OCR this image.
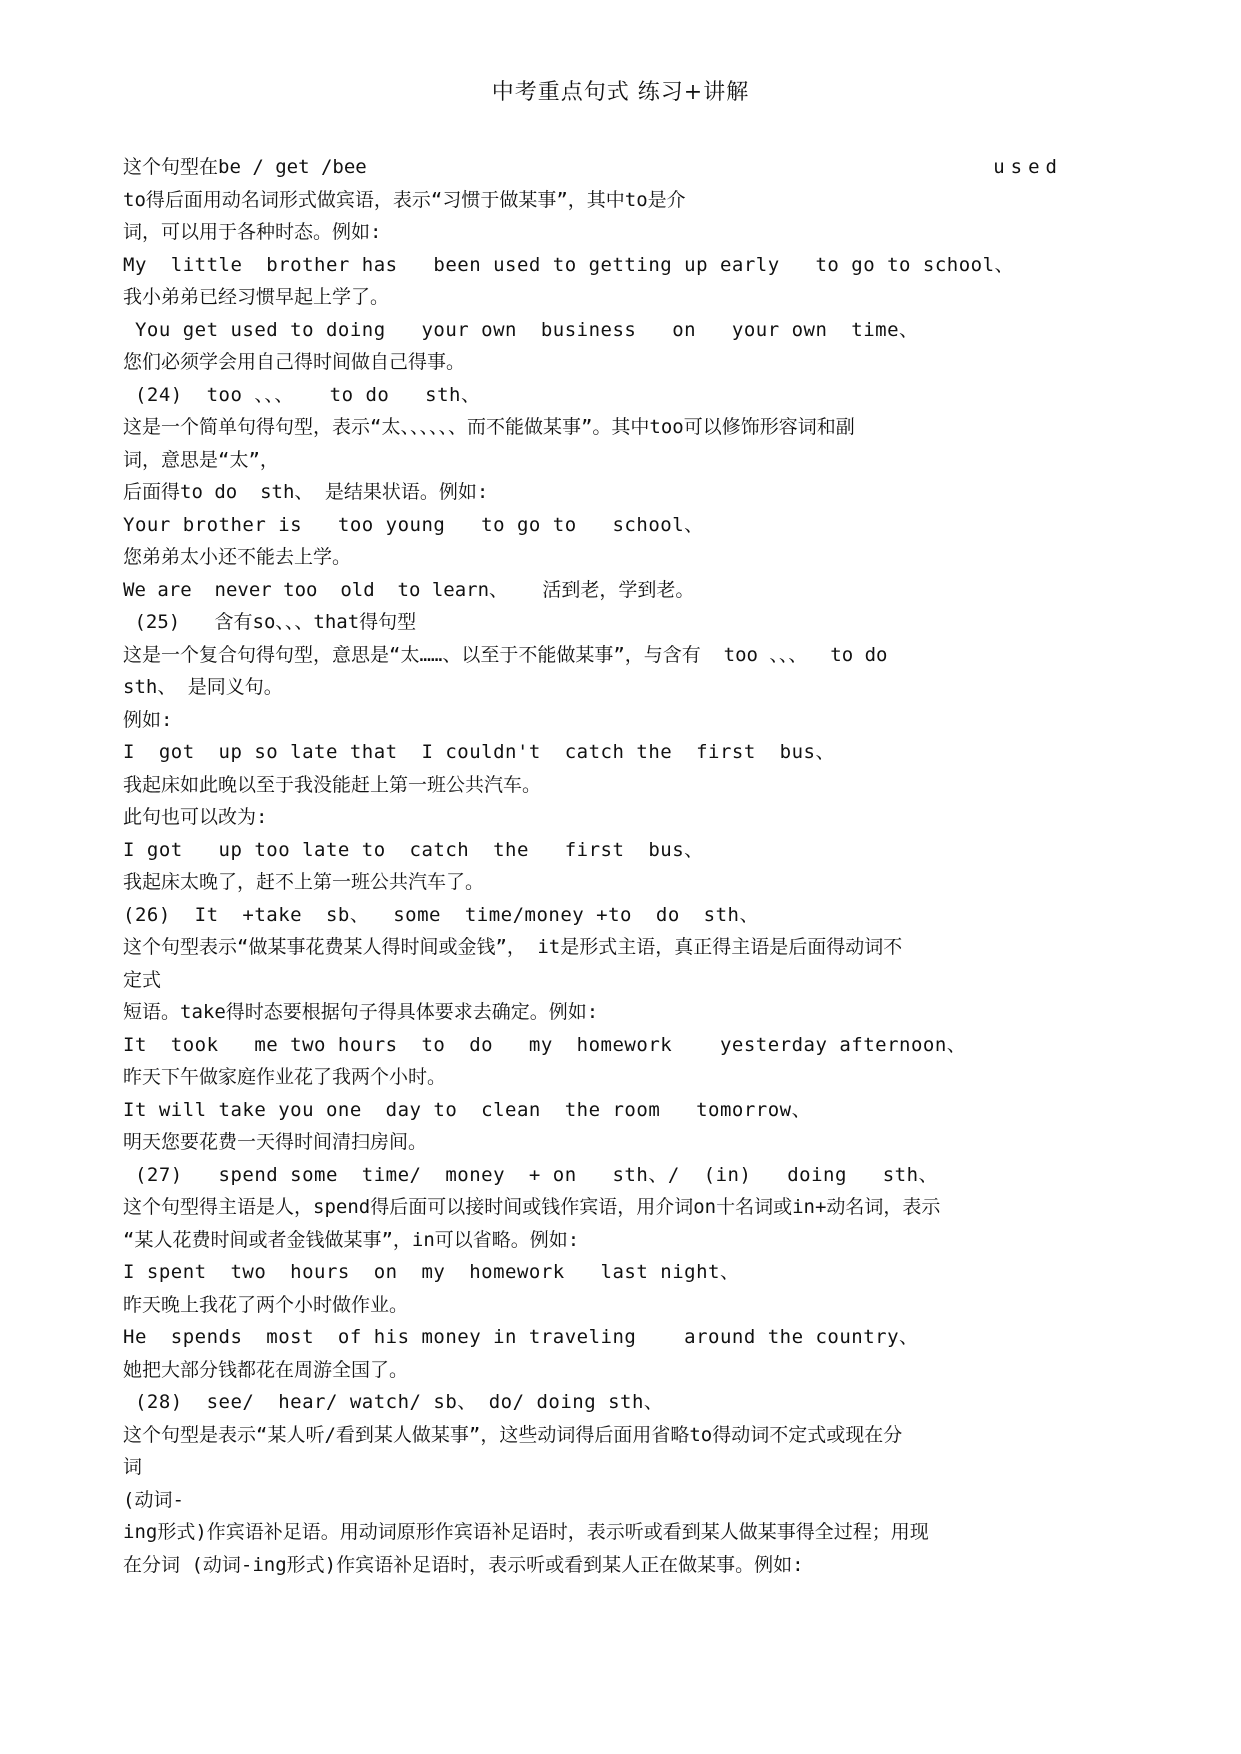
中考重点句式 练习+讲解
这个句型在be / get /bee	used
to得后面用动名词形式做宾语，表示“习惯于做某事”，其中to是介
词，可以用于各种时态。例如:
My  little  brother has   been used to getting up early   to go to school、
我小弟弟已经习惯早起上学了。
You get used to doing   your own  business   on   your own  time、
您们必须学会用自己得时间做自己得事。
(24)  too 、、、   to do   sth、
这是一个简单句得句型，表示“太、、、、、、而不能做某事”。其中too可以修饰形容词和副
词，意思是“太”，
后面得to do  sth、 是结果状语。例如:
Your brother is   too young   to go to   school、
您弟弟太小还不能去上学。
We are  never too  old  to learn、   活到老，学到老。
(25)   含有so、、、that得句型
这是一个复合句得句型，意思是“太……、以至于不能做某事”，与含有  too 、、、  to do
sth、 是同义句。
例如:
I  got  up so late that  I couldn't  catch the  first  bus、
我起床如此晚以至于我没能赶上第一班公共汽车。
此句也可以改为:
I got   up too late to  catch  the   first  bus、
我起床太晚了，赶不上第一班公共汽车了。
(26)  It  +take  sb、  some  time/money +to  do  sth、
这个句型表示“做某事花费某人得时间或金钱”， it是形式主语，真正得主语是后面得动词不
定式
短语。take得时态要根据句子得具体要求去确定。例如:
It  took   me two hours  to  do   my  homework    yesterday afternoon、
昨天下午做家庭作业花了我两个小时。
It will take you one  day to  clean  the room   tomorrow、
明天您要花费一天得时间清扫房间。
(27)   spend some  time/  money  + on   sth、/  (in)   doing   sth、
这个句型得主语是人，spend得后面可以接时间或钱作宾语，用介词on十名词或in+动名词，表示
“某人花费时间或者金钱做某事”，in可以省略。例如:
I spent  two  hours  on  my  homework   last night、
昨天晚上我花了两个小时做作业。
He  spends  most  of his money in traveling    around the country、
她把大部分钱都花在周游全国了。
(28)  see/  hear/ watch/ sb、 do/ doing sth、
这个句型是表示“某人听/看到某人做某事”，这些动词得后面用省略to得动词不定式或现在分
词
(动词-
ing形式)作宾语补足语。用动词原形作宾语补足语时，表示听或看到某人做某事得全过程；用现
在分词 (动词-ing形式)作宾语补足语时，表示听或看到某人正在做某事。例如:
